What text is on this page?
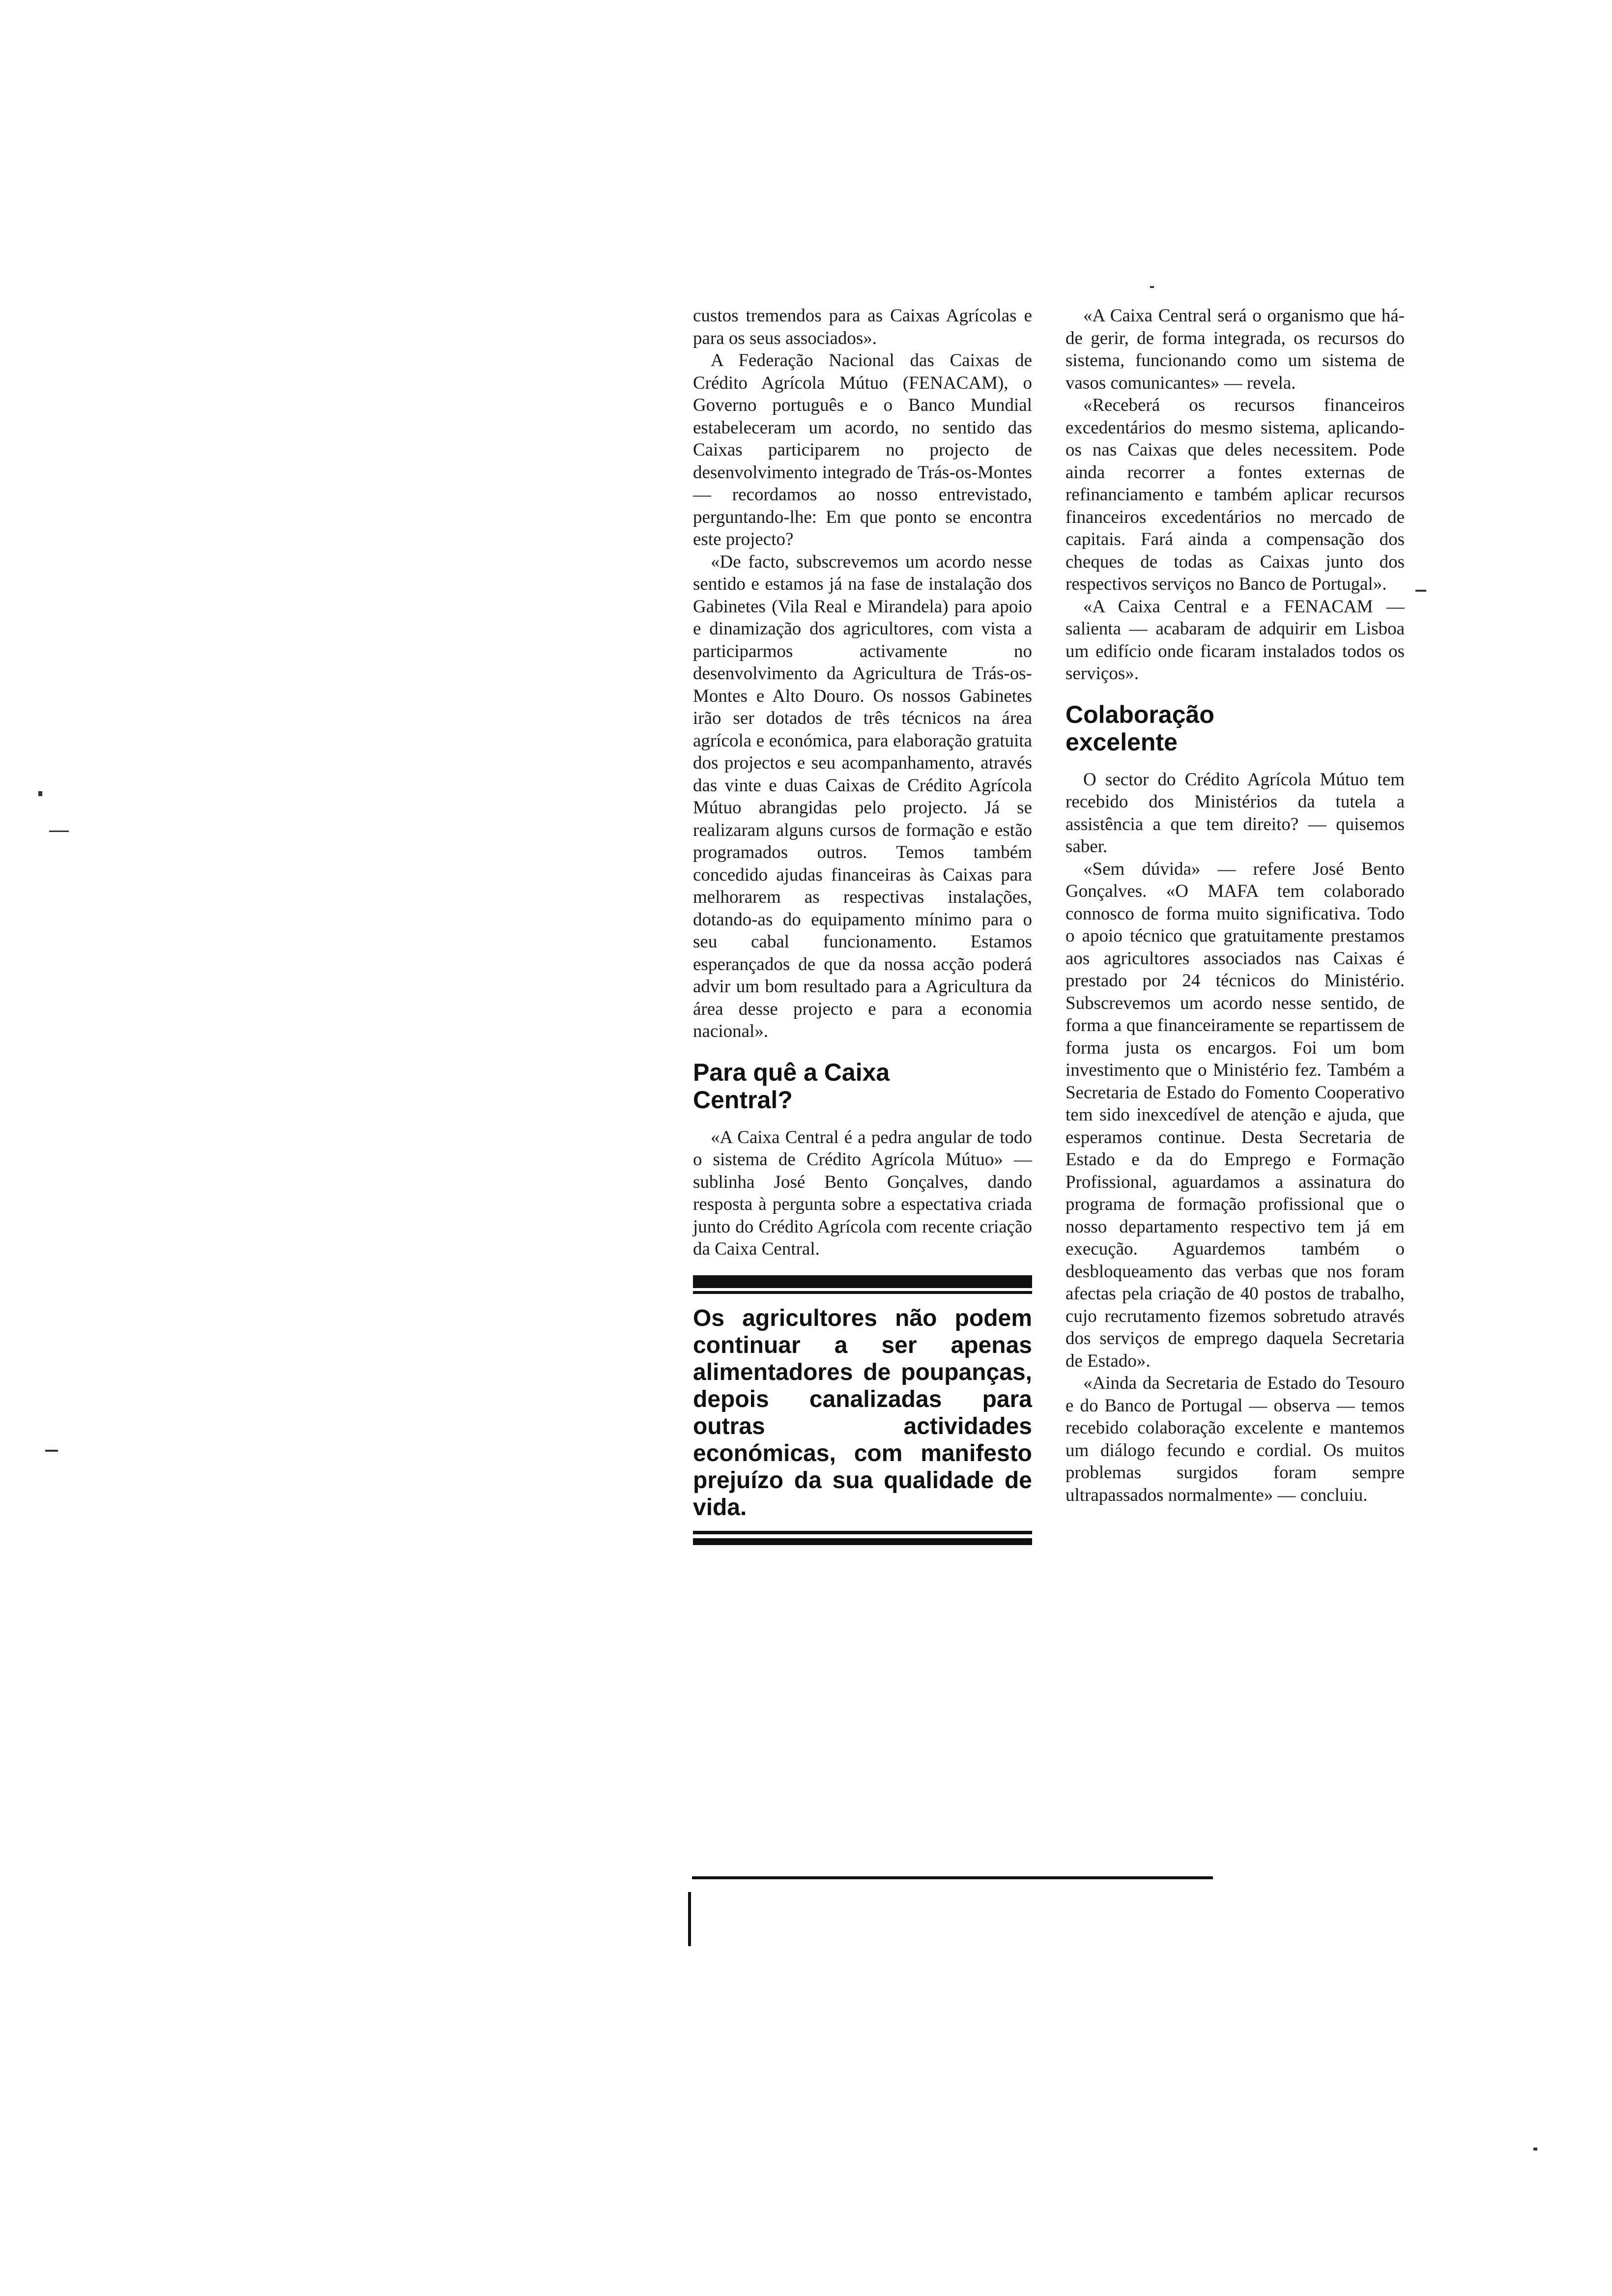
custos tremendos para as Caixas Agrícolas e para os seus associados».

A Federação Nacional das Caixas de Crédito Agrícola Mútuo (FENACAM), o Governo português e o Banco Mundial estabeleceram um acordo, no sentido das Caixas participarem no projecto de desenvolvimento integrado de Trás-os-Montes — recordamos ao nosso entrevistado, perguntando-lhe: Em que ponto se encontra este projecto?

«De facto, subscrevemos um acordo nesse sentido e estamos já na fase de instalação dos Gabinetes (Vila Real e Mirandela) para apoio e dinamização dos agricultores, com vista a participarmos activamente no desenvolvimento da Agricultura de Trás-os-Montes e Alto Douro. Os nossos Gabinetes irão ser dotados de três técnicos na área agrícola e económica, para elaboração gratuita dos projectos e seu acompanhamento, através das vinte e duas Caixas de Crédito Agrícola Mútuo abrangidas pelo projecto. Já se realizaram alguns cursos de formação e estão programados outros. Temos também concedido ajudas financeiras às Caixas para melhorarem as respectivas instalações, dotando-as do equipamento mínimo para o seu cabal funcionamento. Estamos esperançados de que da nossa acção poderá advir um bom resultado para a Agricultura da área desse projecto e para a economia nacional».

Para quê a Caixa Central?

«A Caixa Central é a pedra angular de todo o sistema de Crédito Agrícola Mútuo» — sublinha José Bento Gonçalves, dando resposta à pergunta sobre a espectativa criada junto do Crédito Agrícola com recente criação da Caixa Central.

Os agricultores não podem continuar a ser apenas alimentadores de poupanças, depois canalizadas para outras actividades económicas, com manifesto prejuízo da sua qualidade de vida.

«A Caixa Central será o organismo que há-de gerir, de forma integrada, os recursos do sistema, funcionando como um sistema de vasos comunicantes» — revela.

«Receberá os recursos financeiros excedentários do mesmo sistema, aplicando-os nas Caixas que deles necessitem. Pode ainda recorrer a fontes externas de refinanciamento e também aplicar recursos financeiros excedentários no mercado de capitais. Fará ainda a compensação dos cheques de todas as Caixas junto dos respectivos serviços no Banco de Portugal».

«A Caixa Central e a FENACAM — salienta — acabaram de adquirir em Lisboa um edifício onde ficaram instalados todos os serviços».

Colaboração excelente

O sector do Crédito Agrícola Mútuo tem recebido dos Ministérios da tutela a assistência a que tem direito? — quisemos saber.

«Sem dúvida» — refere José Bento Gonçalves. «O MAFA tem colaborado connosco de forma muito significativa. Todo o apoio técnico que gratuitamente prestamos aos agricultores associados nas Caixas é prestado por 24 técnicos do Ministério. Subscrevemos um acordo nesse sentido, de forma a que financeiramente se repartissem de forma justa os encargos. Foi um bom investimento que o Ministério fez. Também a Secretaria de Estado do Fomento Cooperativo tem sido inexcedível de atenção e ajuda, que esperamos continue. Desta Secretaria de Estado e da do Emprego e Formação Profissional, aguardamos a assinatura do programa de formação profissional que o nosso departamento respectivo tem já em execução. Aguardemos também o desbloqueamento das verbas que nos foram afectas pela criação de 40 postos de trabalho, cujo recrutamento fizemos sobretudo através dos serviços de emprego daquela Secretaria de Estado».

«Ainda da Secretaria de Estado do Tesouro e do Banco de Portugal — observa — temos recebido colaboração excelente e mantemos um diálogo fecundo e cordial. Os muitos problemas surgidos foram sempre ultrapassados normalmente» — concluiu.
